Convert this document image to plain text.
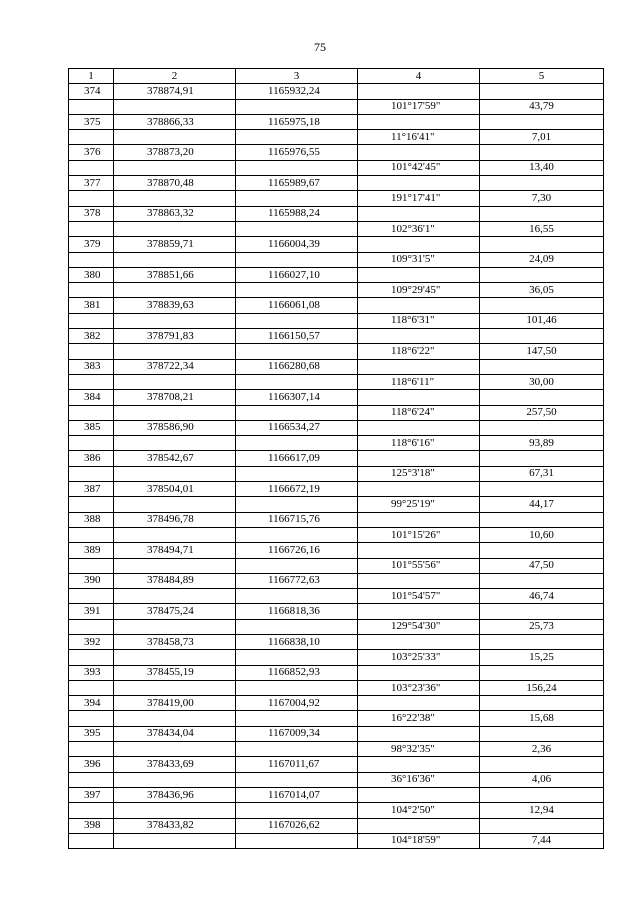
75
1	2	3	4	5
374	378874,91	1165932,24		
			101°17'59"	43,79
375	378866,33	1165975,18		
			11°16'41"	7,01
376	378873,20	1165976,55		
			101°42'45"	13,40
377	378870,48	1165989,67		
			191°17'41"	7,30
378	378863,32	1165988,24		
			102°36'1"	16,55
379	378859,71	1166004,39		
			109°31'5"	24,09
380	378851,66	1166027,10		
			109°29'45"	36,05
381	378839,63	1166061,08		
			118°6'31"	101,46
382	378791,83	1166150,57		
			118°6'22"	147,50
383	378722,34	1166280,68		
			118°6'11"	30,00
384	378708,21	1166307,14		
			118°6'24"	257,50
385	378586,90	1166534,27		
			118°6'16"	93,89
386	378542,67	1166617,09		
			125°3'18"	67,31
387	378504,01	1166672,19		
			99°25'19"	44,17
388	378496,78	1166715,76		
			101°15'26"	10,60
389	378494,71	1166726,16		
			101°55'56"	47,50
390	378484,89	1166772,63		
			101°54'57"	46,74
391	378475,24	1166818,36		
			129°54'30"	25,73
392	378458,73	1166838,10		
			103°25'33"	15,25
393	378455,19	1166852,93		
			103°23'36"	156,24
394	378419,00	1167004,92		
			16°22'38"	15,68
395	378434,04	1167009,34		
			98°32'35"	2,36
396	378433,69	1167011,67		
			36°16'36"	4,06
397	378436,96	1167014,07		
			104°2'50"	12,94
398	378433,82	1167026,62		
			104°18'59"	7,44
